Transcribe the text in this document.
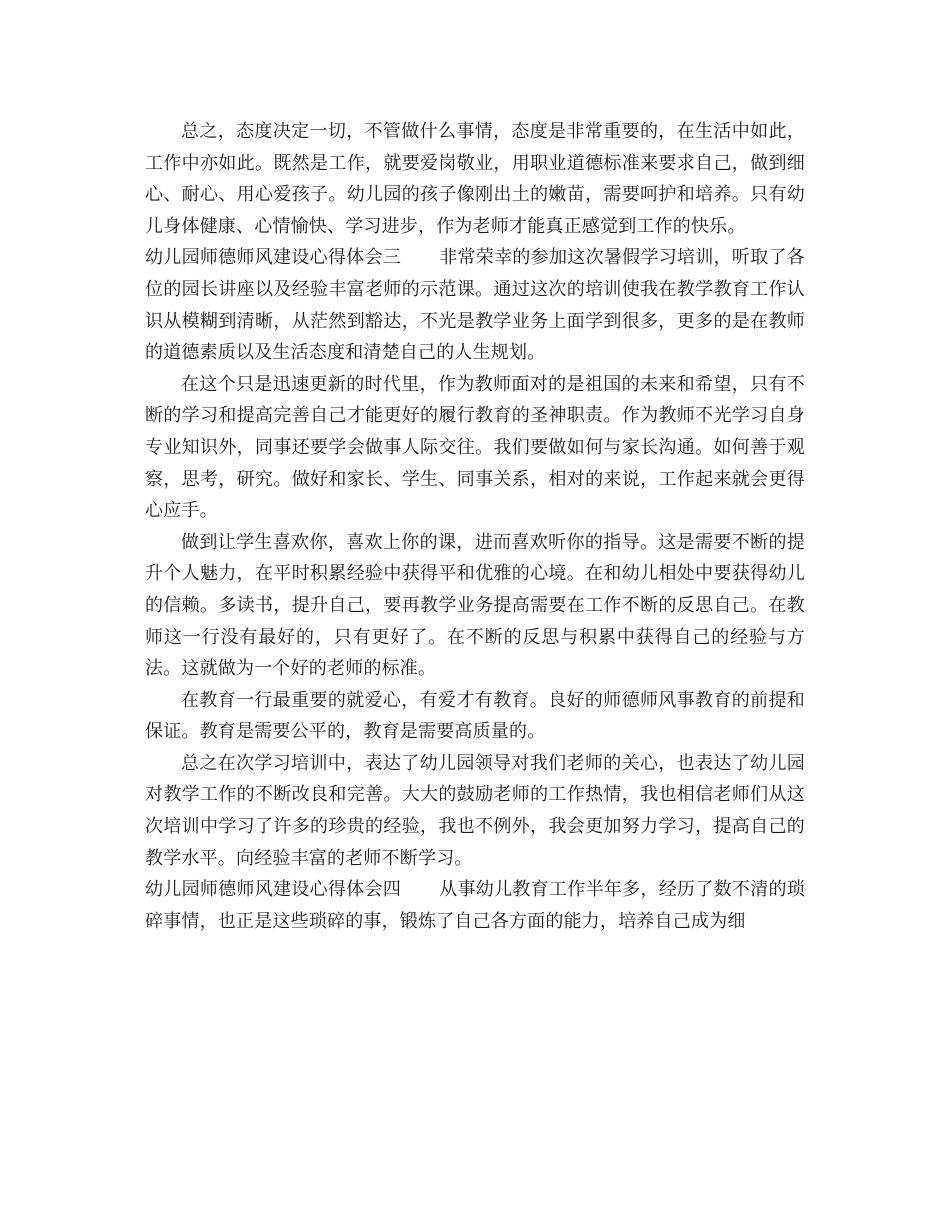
总之，态度决定一切，不管做什么事情，态度是非常重要的，在生活中如此，工作中亦如此。既然是工作，就要爱岗敬业，用职业道德标准来要求自己，做到细心、耐心、用心爱孩子。幼儿园的孩子像刚出土的嫩苗，需要呵护和培养。只有幼儿身体健康、心情愉快、学习进步，作为老师才能真正感觉到工作的快乐。

幼儿园师德师风建设心得体会三 非常荣幸的参加这次暑假学习培训，听取了各位的园长讲座以及经验丰富老师的示范课。通过这次的培训使我在教学教育工作认识从模糊到清晰，从茫然到豁达，不光是教学业务上面学到很多，更多的是在教师的道德素质以及生活态度和清楚自己的人生规划。

在这个只是迅速更新的时代里，作为教师面对的是祖国的未来和希望，只有不断的学习和提高完善自己才能更好的履行教育的圣神职责。作为教师不光学习自身专业知识外，同事还要学会做事人际交往。我们要做如何与家长沟通。如何善于观察，思考，研究。做好和家长、学生、同事关系，相对的来说，工作起来就会更得心应手。

做到让学生喜欢你，喜欢上你的课，进而喜欢听你的指导。这是需要不断的提升个人魅力，在平时积累经验中获得平和优雅的心境。在和幼儿相处中要获得幼儿的信赖。多读书，提升自己，要再教学业务提高需要在工作不断的反思自己。在教师这一行没有最好的，只有更好了。在不断的反思与积累中获得自己的经验与方法。这就做为一个好的老师的标准。

在教育一行最重要的就爱心，有爱才有教育。良好的师德师风事教育的前提和保证。教育是需要公平的，教育是需要高质量的。

总之在次学习培训中，表达了幼儿园领导对我们老师的关心，也表达了幼儿园对教学工作的不断改良和完善。大大的鼓励老师的工作热情，我也相信老师们从这次培训中学习了许多的珍贵的经验，我也不例外，我会更加努力学习，提高自己的教学水平。向经验丰富的老师不断学习。

幼儿园师德师风建设心得体会四 从事幼儿教育工作半年多，经历了数不清的琐碎事情，也正是这些琐碎的事，锻炼了自己各方面的能力，培养自己成为细
